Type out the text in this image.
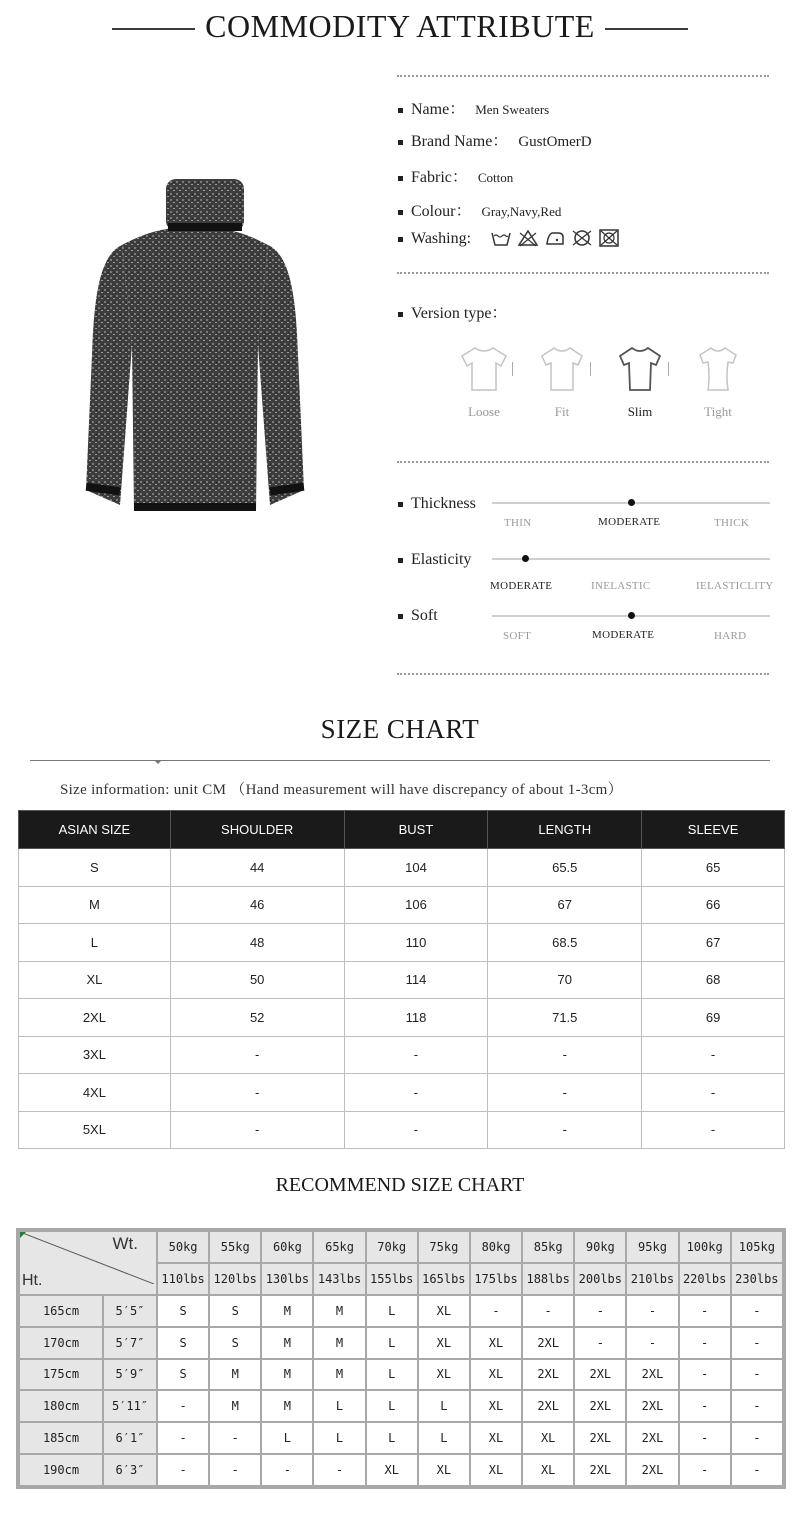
COMMODITY ATTRIBUTE
Name： Men Sweaters
Brand Name： GustOmerD
Fabric： Cotton
Colour： Gray,Navy,Red
Washing:
Version type：
Loose	Fit	Slim	Tight
Thickness
THIN	MODERATE	THICK
Elasticity
MODERATE	INELASTIC	IELASTICLITY
Soft
SOFT	MODERATE	HARD
SIZE CHART
Size information: unit CM （Hand measurement will have discrepancy of about 1-3cm）
ASIAN SIZE	SHOULDER	BUST	LENGTH	SLEEVE
S	44	104	65.5	65
M	46	106	67	66
L	48	110	68.5	67
XL	50	114	70	68
2XL	52	118	71.5	69
3XL	-	-	-	-
4XL	-	-	-	-
5XL	-	-	-	-
RECOMMEND SIZE CHART
Wt.
Ht.		50kg	55kg	60kg	65kg	70kg	75kg	80kg	85kg	90kg	95kg	100kg	105kg
		110lbs	120lbs	130lbs	143lbs	155lbs	165lbs	175lbs	188lbs	200lbs	210lbs	220lbs	230lbs
165cm	5′5″	S	S	M	M	L	XL	-	-	-	-	-	-
170cm	5′7″	S	S	M	M	L	XL	XL	2XL	-	-	-	-
175cm	5′9″	S	M	M	M	L	XL	XL	2XL	2XL	2XL	-	-
180cm	5′11″	-	M	M	L	L	L	XL	2XL	2XL	2XL	-	-
185cm	6′1″	-	-	L	L	L	L	XL	XL	2XL	2XL	-	-
190cm	6′3″	-	-	-	-	XL	XL	XL	XL	2XL	2XL	-	-
